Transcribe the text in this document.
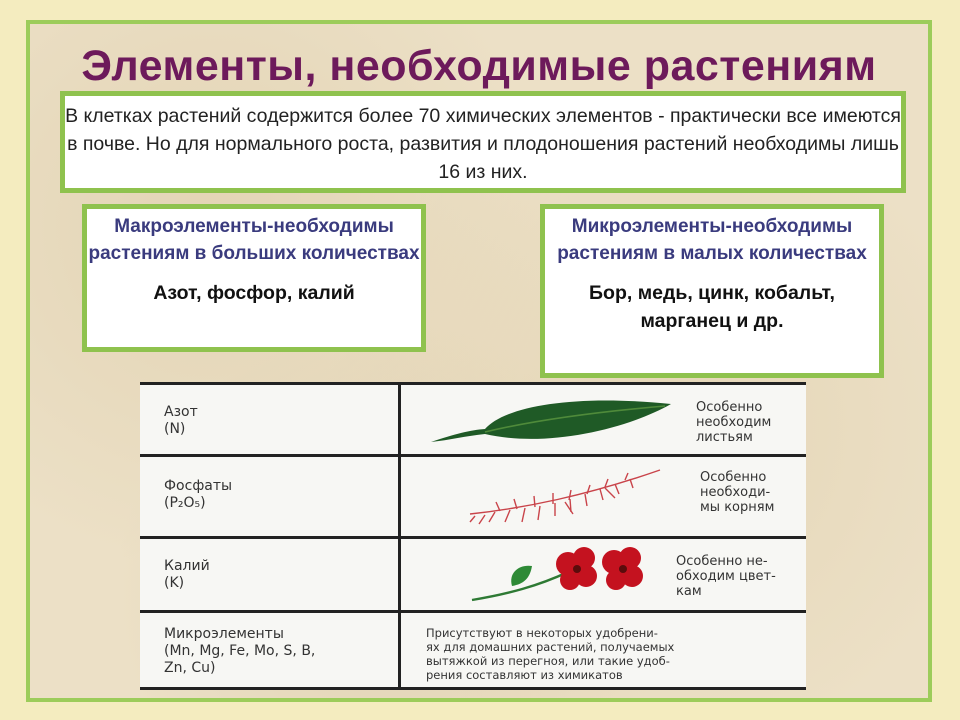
Элементы, необходимые растениям
В клетках растений содержится более 70 химических элементов - практически все имеются в почве. Но для нормального роста, развития и плодоношения растений необходимы лишь 16 из них.
Макроэлементы-необходимы растениям в больших количествах
Азот, фосфор, калий
Микроэлементы-необходимы растениям в малых количествах
Бор, медь, цинк, кобальт, марганец и др.
Азот
(N)
Особенно
необходим
листьям
Фосфаты
(P₂O₅)
Особенно
необходи-
мы корням
Калий
(K)
Особенно не-
обходим цвет-
кам
Микроэлементы
(Mn, Mg, Fe, Mo, S, B,
Zn, Cu)
Присутствуют в некоторых удобрени-
ях для домашних растений, получаемых
вытяжкой из перегноя, или такие удоб-
рения составляют из химикатов
